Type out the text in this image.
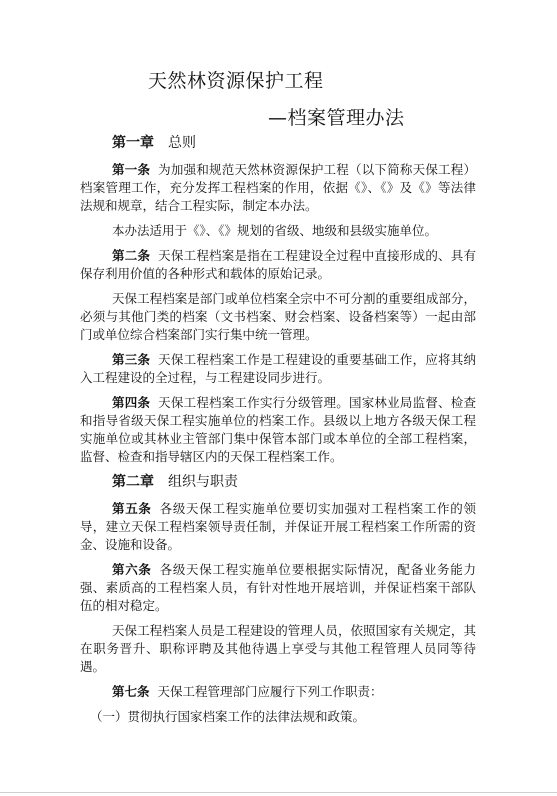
天然林资源保护工程
—档案管理办法
第一章 总则

第一条 为加强和规范天然林资源保护工程（以下简称天保工程）档案管理工作，充分发挥工程档案的作用，依据《》、《》及《》等法律法规和规章，结合工程实际，制定本办法。

本办法适用于《》、《》规划的省级、地级和县级实施单位。

第二条 天保工程档案是指在工程建设全过程中直接形成的、具有保存利用价值的各种形式和载体的原始记录。

天保工程档案是部门或单位档案全宗中不可分割的重要组成部分，必须与其他门类的档案（文书档案、财会档案、设备档案等）一起由部门或单位综合档案部门实行集中统一管理。

第三条 天保工程档案工作是工程建设的重要基础工作，应将其纳入工程建设的全过程，与工程建设同步进行。

第四条 天保工程档案工作实行分级管理。国家林业局监督、检查和指导省级天保工程实施单位的档案工作。县级以上地方各级天保工程实施单位或其林业主管部门集中保管本部门或本单位的全部工程档案，监督、检查和指导辖区内的天保工程档案工作。

第二章 组织与职责

第五条 各级天保工程实施单位要切实加强对工程档案工作的领导，建立天保工程档案领导责任制，并保证开展工程档案工作所需的资金、设施和设备。

第六条 各级天保工程实施单位要根据实际情况，配备业务能力强、素质高的工程档案人员，有针对性地开展培训，并保证档案干部队伍的相对稳定。

天保工程档案人员是工程建设的管理人员，依照国家有关规定，其在职务晋升、职称评聘及其他待遇上享受与其他工程管理人员同等待遇。

第七条 天保工程管理部门应履行下列工作职责：

（一）贯彻执行国家档案工作的法律法规和政策。
